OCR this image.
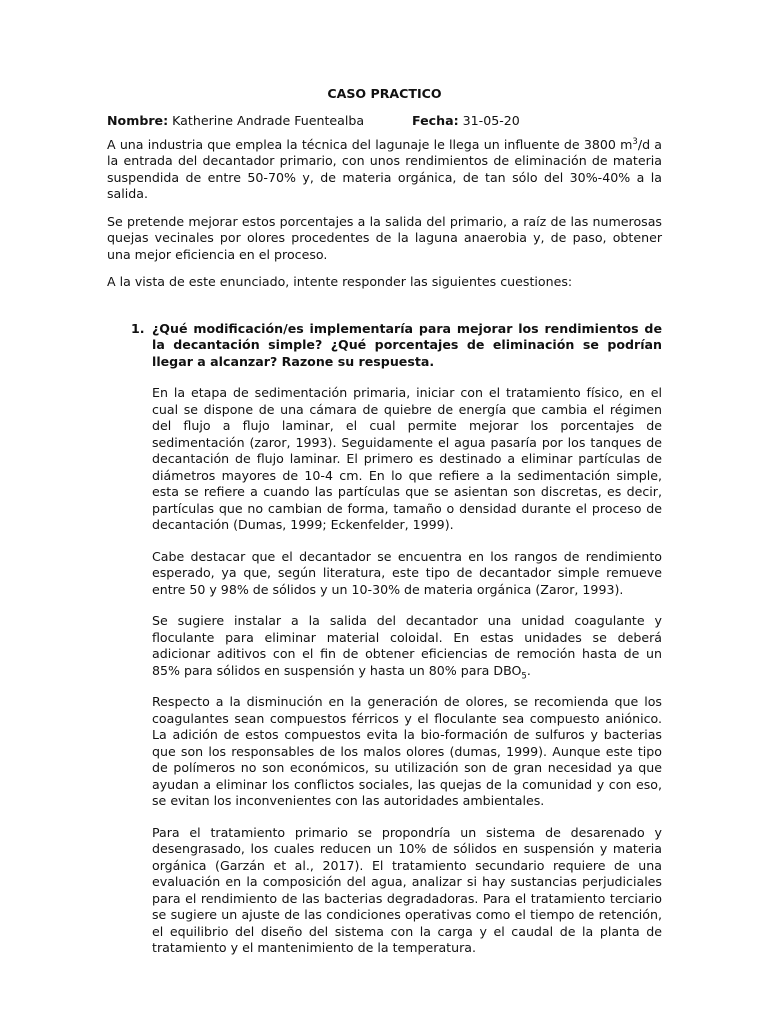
CASO PRACTICO
Nombre: Katherine Andrade Fuentealba	Fecha: 31-05-20

A una industria que emplea la técnica del lagunaje le llega un influente de 3800 $m^3/d$ a la entrada del decantador primario, con unos rendimientos de eliminación de materia suspendida de entre 50-70% y, de materia orgánica, de tan sólo del 30%-40% a la salida.

Se pretende mejorar estos porcentajes a la salida del primario, a raíz de las numerosas quejas vecinales por olores procedentes de la laguna anaerobia y, de paso, obtener una mejor eficiencia en el proceso.

A la vista de este enunciado, intente responder las siguientes cuestiones:

1. ¿Qué modificación/es implementaría para mejorar los rendimientos de la decantación simple? ¿Qué porcentajes de eliminación se podrían llegar a alcanzar? Razone su respuesta.

En la etapa de sedimentación primaria, iniciar con el tratamiento físico, en el cual se dispone de una cámara de quiebre de energía que cambia el régimen del flujo a flujo laminar, el cual permite mejorar los porcentajes de sedimentación (zaror, 1993). Seguidamente el agua pasaría por los tanques de decantación de flujo laminar. El primero es destinado a eliminar partículas de diámetros mayores de 10-4 cm. En lo que refiere a la sedimentación simple, esta se refiere a cuando las partículas que se asientan son discretas, es decir, partículas que no cambian de forma, tamaño o densidad durante el proceso de decantación (Dumas, 1999; Eckenfelder, 1999).

Cabe destacar que el decantador se encuentra en los rangos de rendimiento esperado, ya que, según literatura, este tipo de decantador simple remueve entre 50 y 98% de sólidos y un 10-30% de materia orgánica (Zaror, 1993).

Se sugiere instalar a la salida del decantador una unidad coagulante y floculante para eliminar material coloidal. En estas unidades se deberá adicionar aditivos con el fin de obtener eficiencias de remoción hasta de un 85% para sólidos en suspensión y hasta un 80% para $DBO_5$.

Respecto a la disminución en la generación de olores, se recomienda que los coagulantes sean compuestos férricos y el floculante sea compuesto aniónico. La adición de estos compuestos evita la bio-formación de sulfuros y bacterias que son los responsables de los malos olores (dumas, 1999). Aunque este tipo de polímeros no son económicos, su utilización son de gran necesidad ya que ayudan a eliminar los conflictos sociales, las quejas de la comunidad y con eso, se evitan los inconvenientes con las autoridades ambientales.

Para el tratamiento primario se propondría un sistema de desarenado y desengrasado, los cuales reducen un 10% de sólidos en suspensión y materia orgánica (Garzán et al., 2017). El tratamiento secundario requiere de una evaluación en la composición del agua, analizar si hay sustancias perjudiciales para el rendimiento de las bacterias degradadoras. Para el tratamiento terciario se sugiere un ajuste de las condiciones operativas como el tiempo de retención, el equilibrio del diseño del sistema con la carga y el caudal de la planta de tratamiento y el mantenimiento de la temperatura.
